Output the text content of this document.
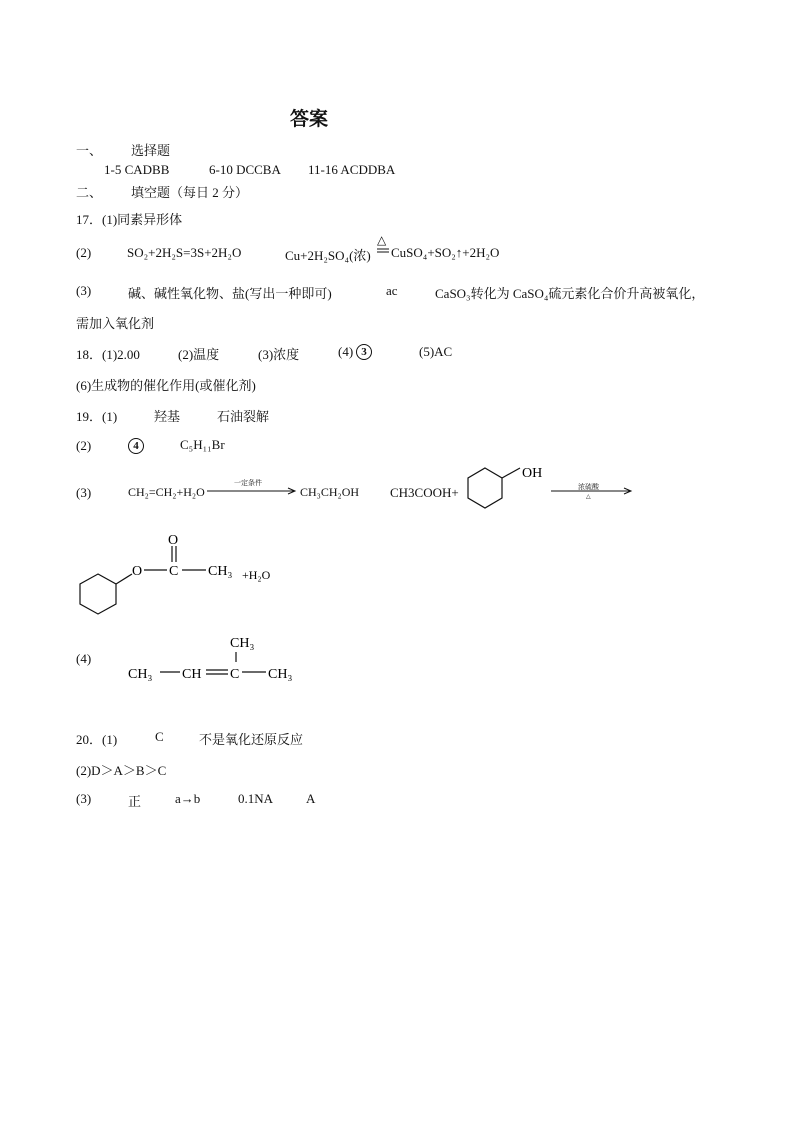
答案
一、 选择题
1-5 CADBB	6-10 DCCBA 11-16 ACDDBA
二、 填空题（每日 2 分）
17．(1)同素异形体
(2)	SO₂+2H₂S=3S+2H₂O	Cu+2H₂SO₄(浓)
△
CuSO₄+SO₂↑+2H₂O
(3)	碱、碱性氧化物、盐(写出一种即可)	ac	CaSO₃转化为 CaSO₄硫元素化合价升高被氧化，
需加入氧化剂
18．(1)2.00	(2)温度	(3)浓度	(4) 3	(5)AC
(6)生成物的催化作用(或催化剂)
19．(1)	羟基	石油裂解
(2)	4	C₅H₁₁Br
(3)	CH₂=CH₂+H₂O
一定条件
CH₃CH₂OH CH3COOH+
OH
浓硫酸
△
O C
O
CH₃ +H₂O
(4)
CH₃
CH₃ CH C CH₃
20．(1)	C	不是氧化还原反应
(2)D＞A＞B＞C
(3)	正	a→b	0.1NA	A
